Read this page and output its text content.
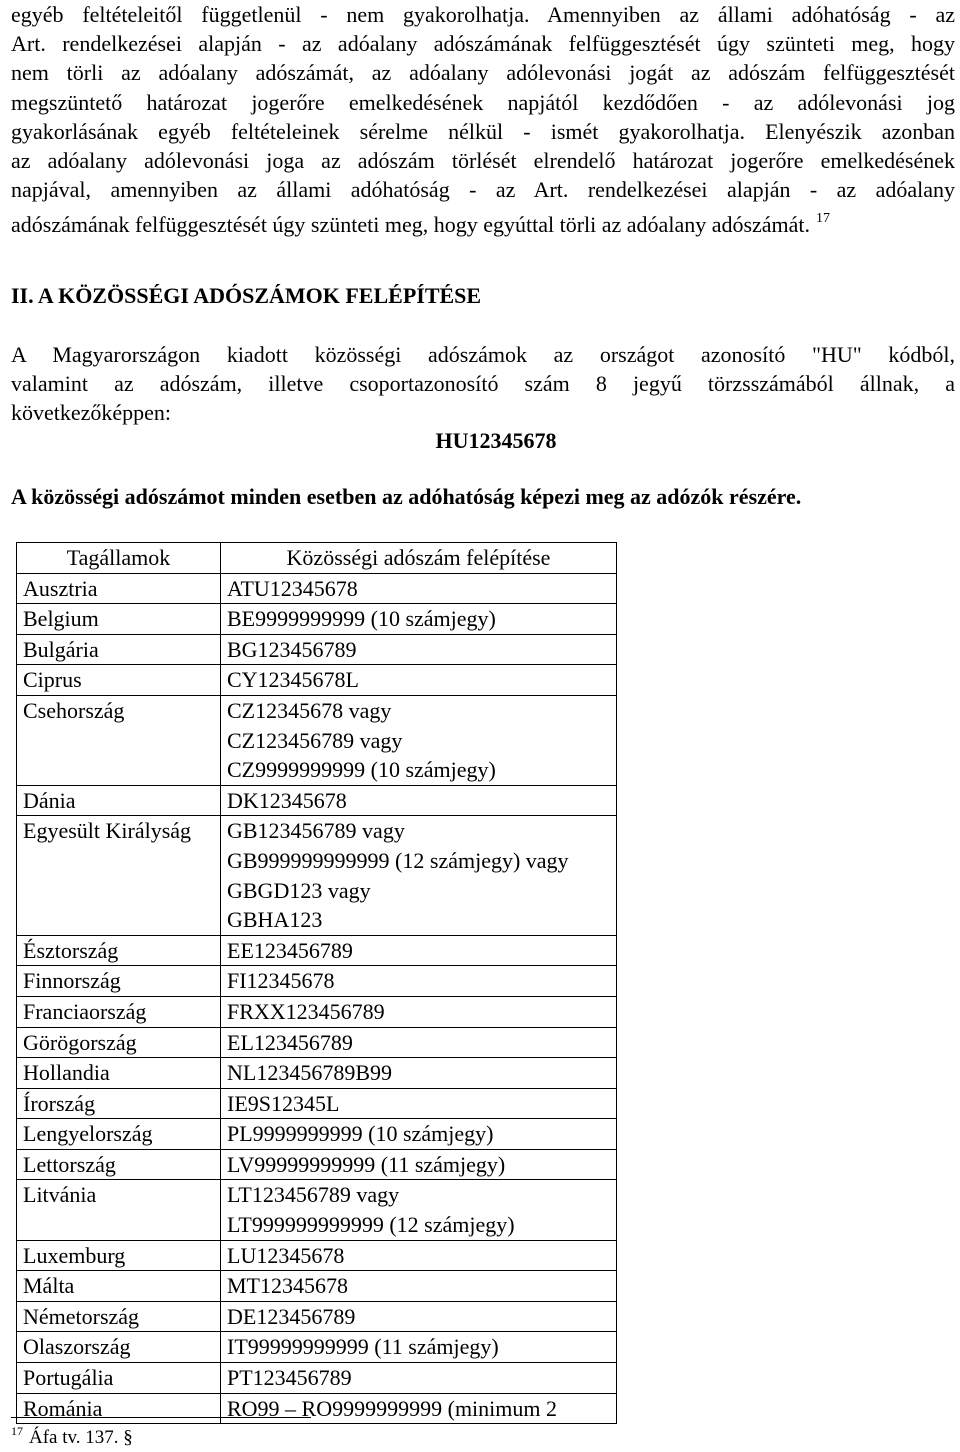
egyéb feltételeitől függetlenül - nem gyakorolhatja. Amennyiben az állami adóhatóság - az
Art. rendelkezései alapján - az adóalany adószámának felfüggesztését úgy szünteti meg, hogy
nem törli az adóalany adószámát, az adóalany adólevonási jogát az adószám felfüggesztését
megszüntető határozat jogerőre emelkedésének napjától kezdődően - az adólevonási jog
gyakorlásának egyéb feltételeinek sérelme nélkül - ismét gyakorolhatja. Elenyészik azonban
az adóalany adólevonási joga az adószám törlését elrendelő határozat jogerőre emelkedésének
napjával, amennyiben az állami adóhatóság - az Art. rendelkezései alapján - az adóalany
adószámának felfüggesztését úgy szünteti meg, hogy egyúttal törli az adóalany adószámát. $^{17}$
II. A KÖZÖSSÉGI ADÓSZÁMOK FELÉPÍTÉSE
A Magyarországon kiadott közösségi adószámok az országot azonosító "HU" kódból,
valamint az adószám, illetve csoportazonosító szám 8 jegyű törzsszámából állnak, a
következőképpen:

HU12345678

A közösségi adószámot minden esetben az adóhatóság képezi meg az adózók részére.

Tagállamok	Közösségi adószám felépítése
Ausztria	ATU12345678

Belgium	BE9999999999 (10 számjegy)

Bulgária	BG123456789

Ciprus	CY12345678L

Csehország	CZ12345678 vagy
CZ123456789 vagy
CZ9999999999 (10 számjegy)

Dánia	DK12345678

Egyesült Királyság	GB123456789 vagy
GB999999999999 (12 számjegy) vagy
GBGD123 vagy
GBHA123

Észtország	EE123456789

Finnország	FI12345678

Franciaország	FRXX123456789

Görögország	EL123456789

Hollandia	NL123456789B99

Írország	IE9S12345L

Lengyelország	PL9999999999 (10 számjegy)

Lettország	LV99999999999 (11 számjegy)

Litvánia	LT123456789 vagy
LT999999999999 (12 számjegy)

Luxemburg	LU12345678

Málta	MT12345678

Németország	DE123456789

Olaszország	IT99999999999 (11 számjegy)

Portugália	PT123456789

Románia	RO99 – RO9999999999 (minimum 2

$^{17}$ Áfa tv. 137. §
